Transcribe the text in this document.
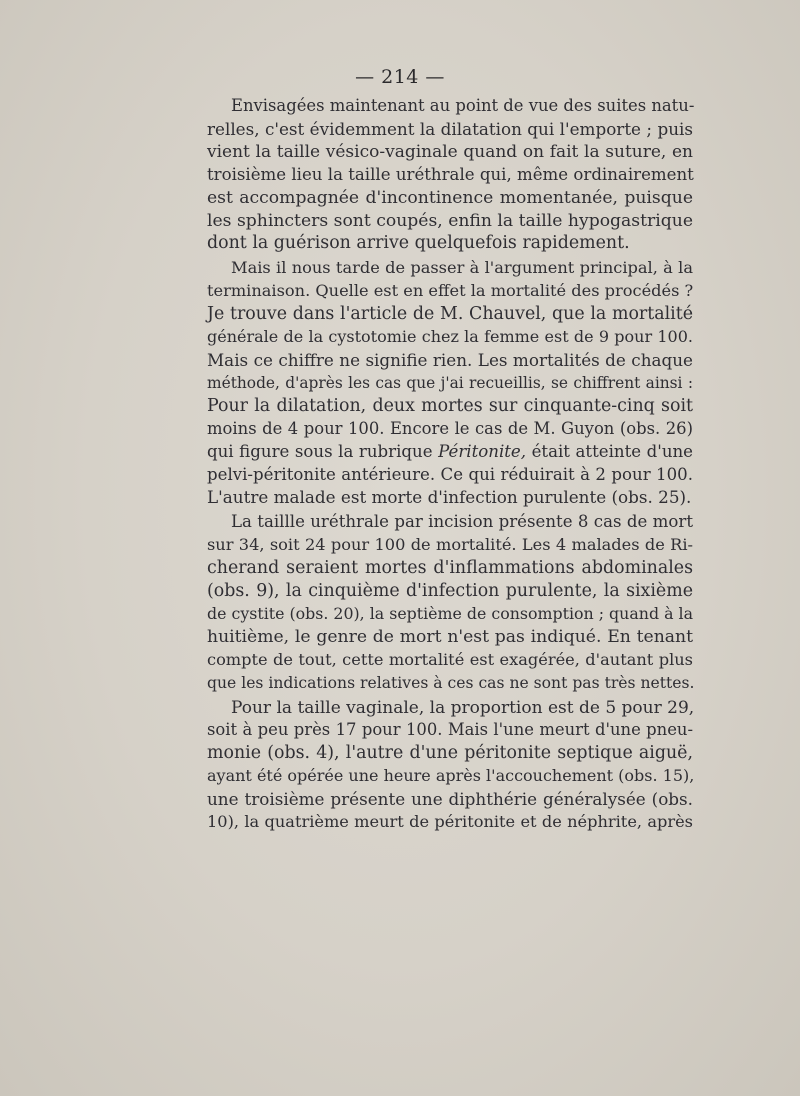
— 214 —

Envisagées maintenant au point de vue des suites natu-
relles, c'est évidemment la dilatation qui l'emporte ; puis
vient la taille vésico-vaginale quand on fait la suture, en
troisième lieu la taille uréthrale qui, même ordinairement
est accompagnée d'incontinence momentanée, puisque
les sphincters sont coupés, enfin la taille hypogastrique
dont la guérison arrive quelquefois rapidement.

Mais il nous tarde de passer à l'argument principal, à la
terminaison. Quelle est en effet la mortalité des procédés ?
Je trouve dans l'article de M. Chauvel, que la mortalité
générale de la cystotomie chez la femme est de 9 pour 100.
Mais ce chiffre ne signifie rien. Les mortalités de chaque
méthode, d'après les cas que j'ai recueillis, se chiffrent ainsi :
Pour la dilatation, deux mortes sur cinquante-cinq soit
moins de 4 pour 100. Encore le cas de M. Guyon (obs. 26)
qui figure sous la rubrique Péritonite, était atteinte d'une
pelvi-péritonite antérieure. Ce qui réduirait à 2 pour 100.
L'autre malade est morte d'infection purulente (obs. 25).

La taillle uréthrale par incision présente 8 cas de mort
sur 34, soit 24 pour 100 de mortalité. Les 4 malades de Ri-
cherand seraient mortes d'inflammations abdominales
(obs. 9), la cinquième d'infection purulente, la sixième
de cystite (obs. 20), la septième de consomption ; quand à la
huitième, le genre de mort n'est pas indiqué. En tenant
compte de tout, cette mortalité est exagérée, d'autant plus
que les indications relatives à ces cas ne sont pas très nettes.

Pour la taille vaginale, la proportion est de 5 pour 29,
soit à peu près 17 pour 100. Mais l'une meurt d'une pneu-
monie (obs. 4), l'autre d'une péritonite septique aiguë,
ayant été opérée une heure après l'accouchement (obs. 15),
une troisième présente une diphthérie généralysée (obs.
10), la quatrième meurt de péritonite et de néphrite, après
